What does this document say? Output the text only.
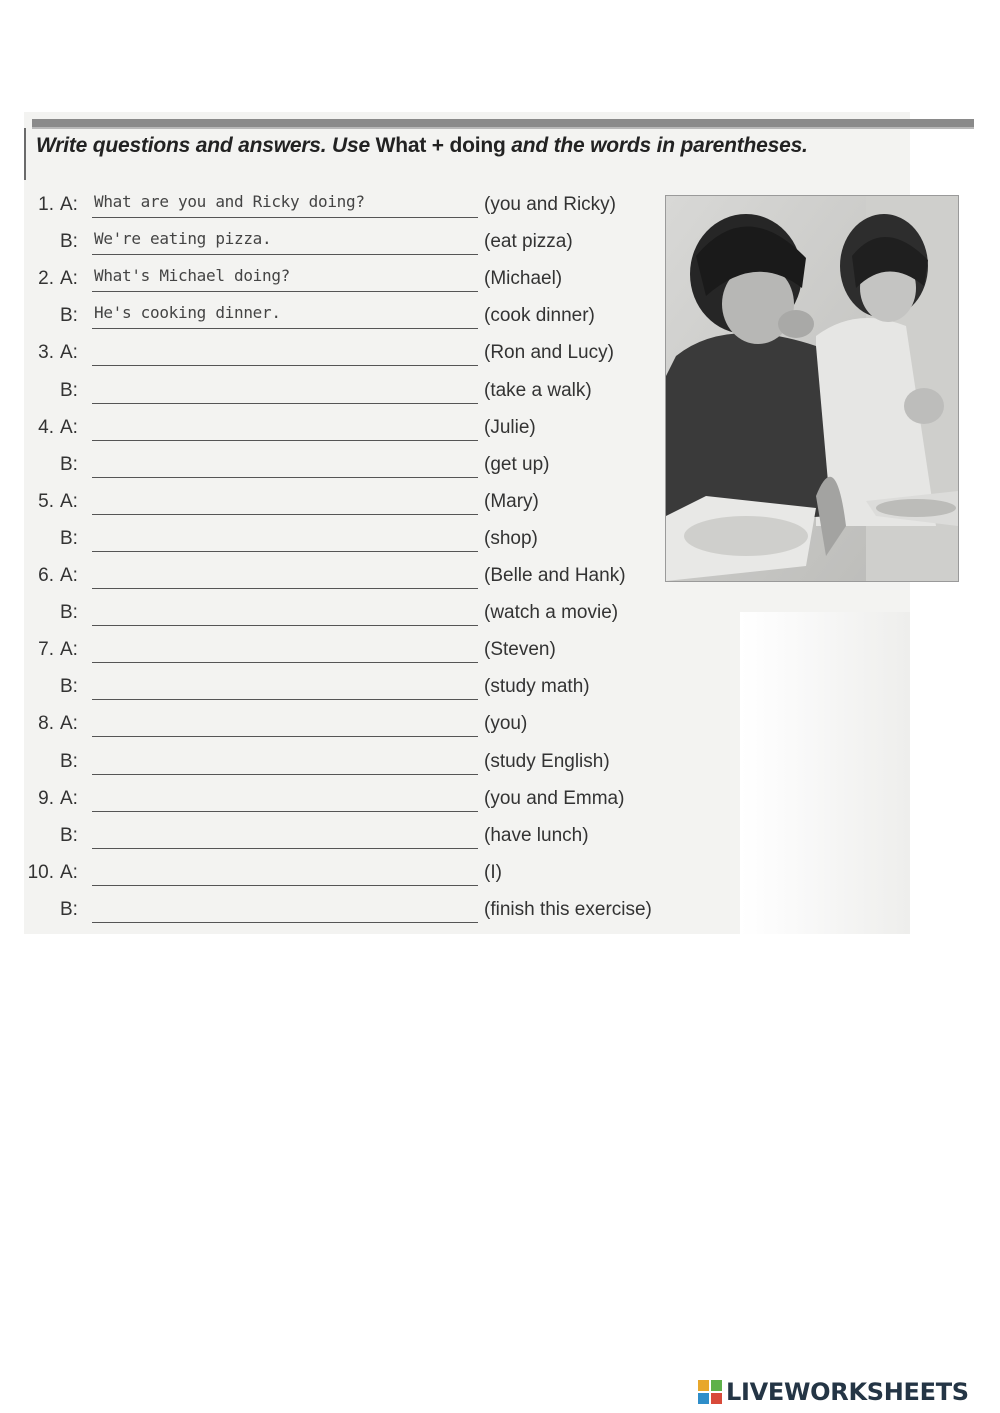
Write questions and answers. Use What + doing and the words in parentheses.
1. A: What are you and Ricky doing?	(you and Ricky)
B: We're eating pizza.	(eat pizza)
2. A: What's Michael doing?	(Michael)
B: He's cooking dinner.	(cook dinner)
3. A:	(Ron and Lucy)
B:	(take a walk)
4. A:	(Julie)
B:	(get up)
5. A:	(Mary)
B:	(shop)
6. A:	(Belle and Hank)
B:	(watch a movie)
7. A:	(Steven)
B:	(study math)
8. A:	(you)
B:	(study English)
9. A:	(you and Emma)
B:	(have lunch)
10. A:	(I)
B:	(finish this exercise)
LIVEWORKSHEETS
